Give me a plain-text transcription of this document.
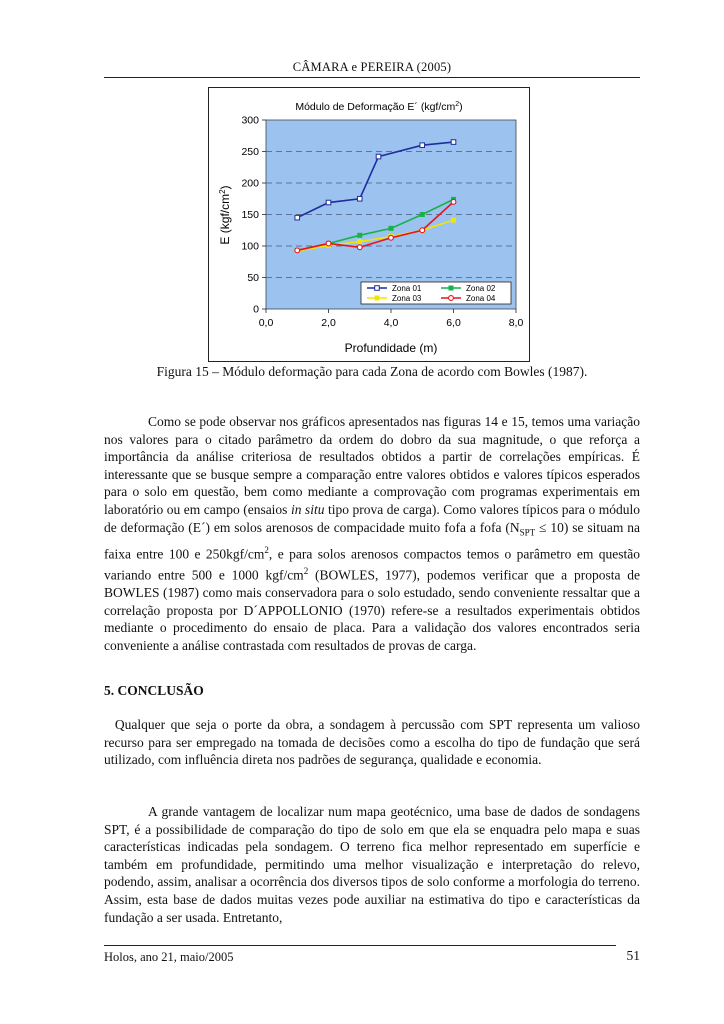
CÂMARA e PEREIRA (2005)
Módulo de Deformação E´ $(kgf/cm^2)$
0
50
100
150
200
250
300
0,0	2,0	4,0	6,0	8,0
E $(kgf/cm^2)$
Profundidade (m)
Zona 01	Zona 02
Zona 03	Zona 04
Figura 15 – Módulo deformação para cada Zona de acordo com Bowles (1987).

Como se pode observar nos gráficos apresentados nas figuras 14 e 15, temos uma variação nos valores para o citado parâmetro da ordem do dobro da sua magnitude, o que reforça a importância da análise criteriosa de resultados obtidos a partir de correlações empíricas. É interessante que se busque sempre a comparação entre valores obtidos e valores típicos esperados para o solo em questão, bem como mediante a comprovação com programas experimentais em laboratório ou em campo (ensaios in situ tipo prova de carga). Como valores típicos para o módulo de deformação (E´) em solos arenosos de compacidade muito fofa a fofa $(N_{SPT} \le 10)$ se situam na faixa entre 100 e $250kgf/cm^2$, e para solos arenosos compactos temos o parâmetro em questão variando entre 500 e 1000 kgf/$cm^2$ (BOWLES, 1977), podemos verificar que a proposta de BOWLES (1987) como mais conservadora para o solo estudado, sendo conveniente ressaltar que a correlação proposta por D´APPOLLONIO (1970) refere-se a resultados experimentais obtidos mediante o procedimento do ensaio de placa. Para a validação dos valores encontrados seria conveniente a análise contrastada com resultados de provas de carga.

5. CONCLUSÃO

Qualquer que seja o porte da obra, a sondagem à percussão com SPT representa um valioso recurso para ser empregado na tomada de decisões como a escolha do tipo de fundação que será utilizado, com influência direta nos padrões de segurança, qualidade e economia.

A grande vantagem de localizar num mapa geotécnico, uma base de dados de sondagens SPT, é a possibilidade de comparação do tipo de solo em que ela se enquadra pelo mapa e suas características indicadas pela sondagem. O terreno fica melhor representado em superfície e também em profundidade, permitindo uma melhor visualização e interpretação do relevo, podendo, assim, analisar a ocorrência dos diversos tipos de solo conforme a morfologia do terreno. Assim, esta base de dados muitas vezes pode auxiliar na estimativa do tipo e características da fundação a ser usada. Entretanto,

Holos, ano 21, maio/2005	51
